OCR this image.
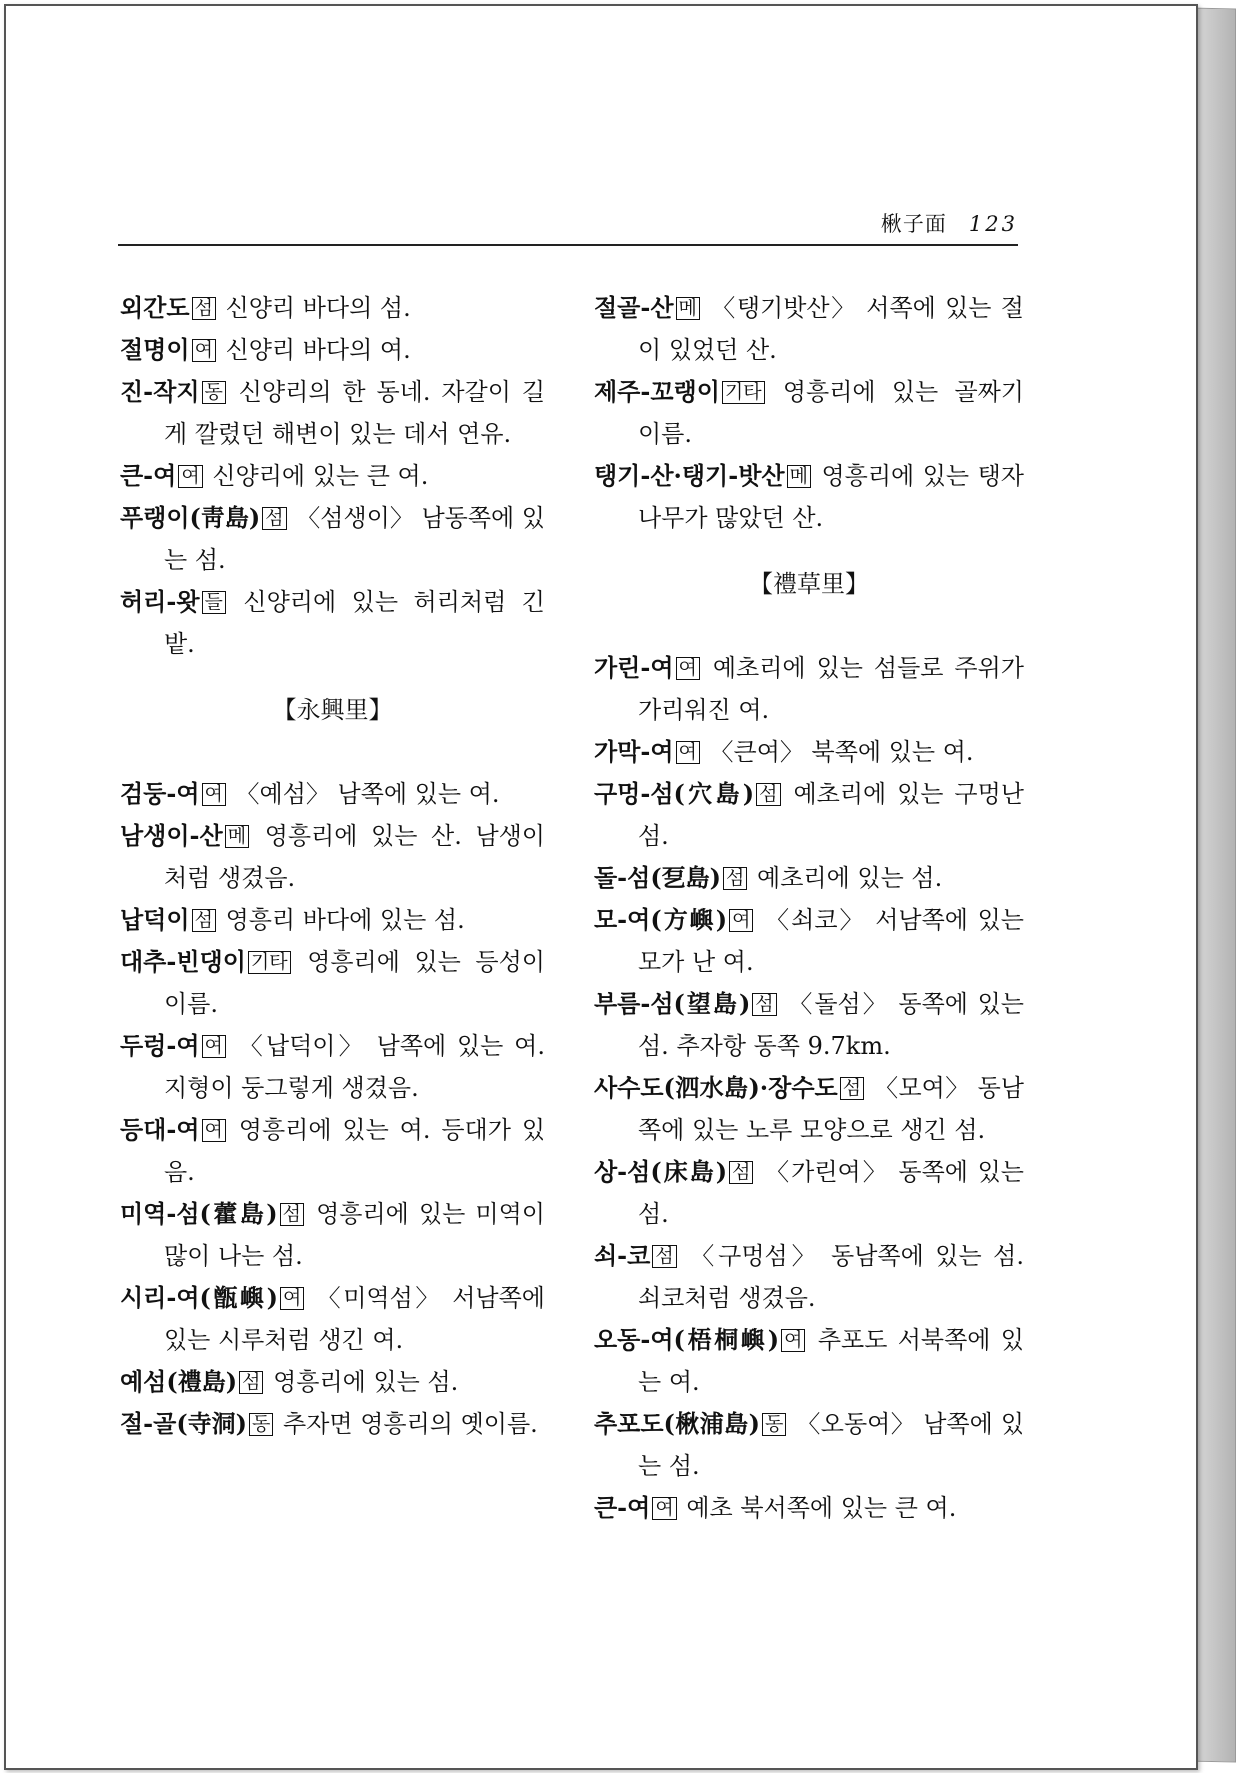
楸子面 123

외간도 섬 신양리 바다의 섬.

절명이 여 신양리 바다의 여.

진-작지 동 신양리의 한 동네. 자갈이 길게 깔렸던 해변이 있는 데서 연유.

큰-여 여 신양리에 있는 큰 여.

푸랭이(靑島) 섬 〈섬생이〉 남동쪽에 있는 섬.

허리-왓 들 신양리에 있는 허리처럼 긴 밭.

【永興里】

검둥-여 여 〈예섬〉 남쪽에 있는 여.

남생이-산 메 영흥리에 있는 산. 남생이 처럼 생겼음.

납덕이 섬 영흥리 바다에 있는 섬.

대추-빈댕이 기타 영흥리에 있는 등성이 이름.

두렁-여 여 〈납덕이〉 남쪽에 있는 여. 지형이 둥그렇게 생겼음.

등대-여 여 영흥리에 있는 여. 등대가 있음.

미역-섬(藿島) 섬 영흥리에 있는 미역이 많이 나는 섬.

시리-여(甑嶼) 여 〈미역섬〉 서남쪽에 있는 시루처럼 생긴 여.

예섬(禮島) 섬 영흥리에 있는 섬.

절-골(寺洞) 동 추자면 영흥리의 옛이름.

절골-산 메 〈탱기밧산〉 서쪽에 있는 절이 있었던 산.

제주-꼬랭이 기타 영흥리에 있는 골짜기 이름.

탱기-산·탱기-밧산 메 영흥리에 있는 탱자나무가 많았던 산.

【禮草里】

가린-여 여 예초리에 있는 섬들로 주위가 가리워진 여.

가막-여 여 〈큰여〉 북쪽에 있는 여.

구멍-섬(穴島) 섬 예초리에 있는 구멍난 섬.

돌-섬(乭島) 섬 예초리에 있는 섬.

모-여(方嶼) 여 〈쇠코〉 서남쪽에 있는 모가 난 여.

부름-섬(望島) 섬 〈돌섬〉 동쪽에 있는 섬. 추자항 동쪽 9.7km.

사수도(泗水島)·장수도 섬 〈모여〉 동남쪽에 있는 노루 모양으로 생긴 섬.

상-섬(床島) 섬 〈가린여〉 동쪽에 있는 섬.

쇠-코 섬 〈구멍섬〉 동남쪽에 있는 섬. 쇠코처럼 생겼음.

오동-여(梧桐嶼) 여 추포도 서북쪽에 있는 여.

추포도(楸浦島) 동 〈오동여〉 남쪽에 있는 섬.

큰-여 여 예초 북서쪽에 있는 큰 여.
